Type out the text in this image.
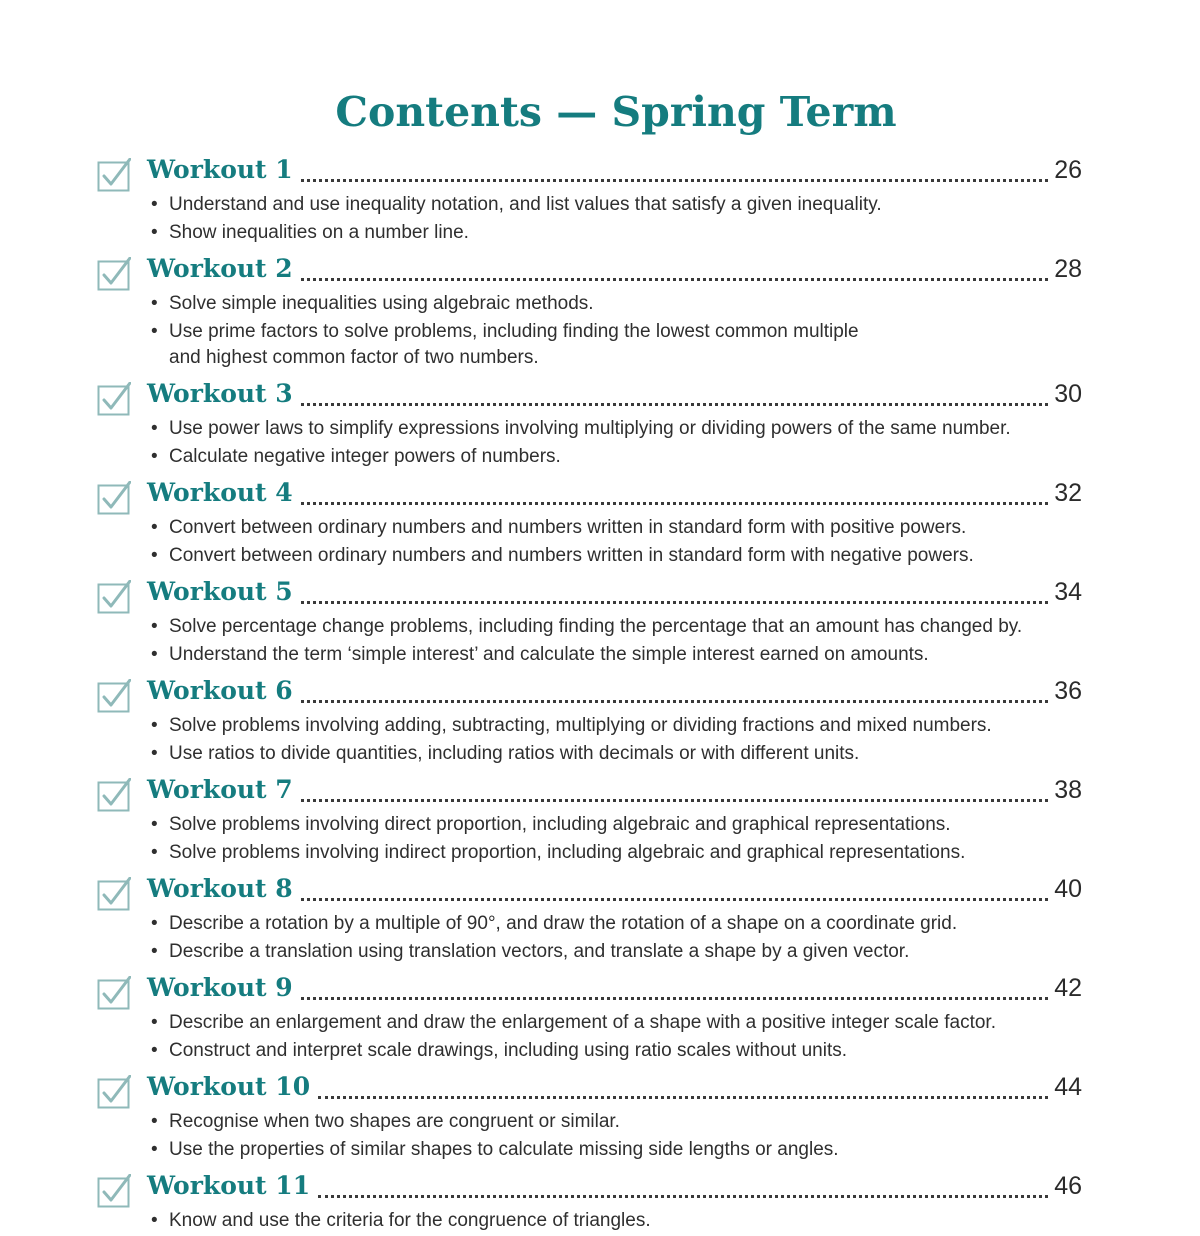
Contents — Spring Term
Workout 1	26
• Understand and use inequality notation, and list values that satisfy a given inequality.
• Show inequalities on a number line.
Workout 2	28
• Solve simple inequalities using algebraic methods.
• Use prime factors to solve problems, including finding the lowest common multiple
and highest common factor of two numbers.
Workout 3	30
• Use power laws to simplify expressions involving multiplying or dividing powers of the same number.
• Calculate negative integer powers of numbers.
Workout 4	32
• Convert between ordinary numbers and numbers written in standard form with positive powers.
• Convert between ordinary numbers and numbers written in standard form with negative powers.
Workout 5	34
• Solve percentage change problems, including finding the percentage that an amount has changed by.
• Understand the term ‘simple interest’ and calculate the simple interest earned on amounts.
Workout 6	36
• Solve problems involving adding, subtracting, multiplying or dividing fractions and mixed numbers.
• Use ratios to divide quantities, including ratios with decimals or with different units.
Workout 7	38
• Solve problems involving direct proportion, including algebraic and graphical representations.
• Solve problems involving indirect proportion, including algebraic and graphical representations.
Workout 8	40
• Describe a rotation by a multiple of 90°, and draw the rotation of a shape on a coordinate grid.
• Describe a translation using translation vectors, and translate a shape by a given vector.
Workout 9	42
• Describe an enlargement and draw the enlargement of a shape with a positive integer scale factor.
• Construct and interpret scale drawings, including using ratio scales without units.
Workout 10	44
• Recognise when two shapes are congruent or similar.
• Use the properties of similar shapes to calculate missing side lengths or angles.
Workout 11	46
• Know and use the criteria for the congruence of triangles.
